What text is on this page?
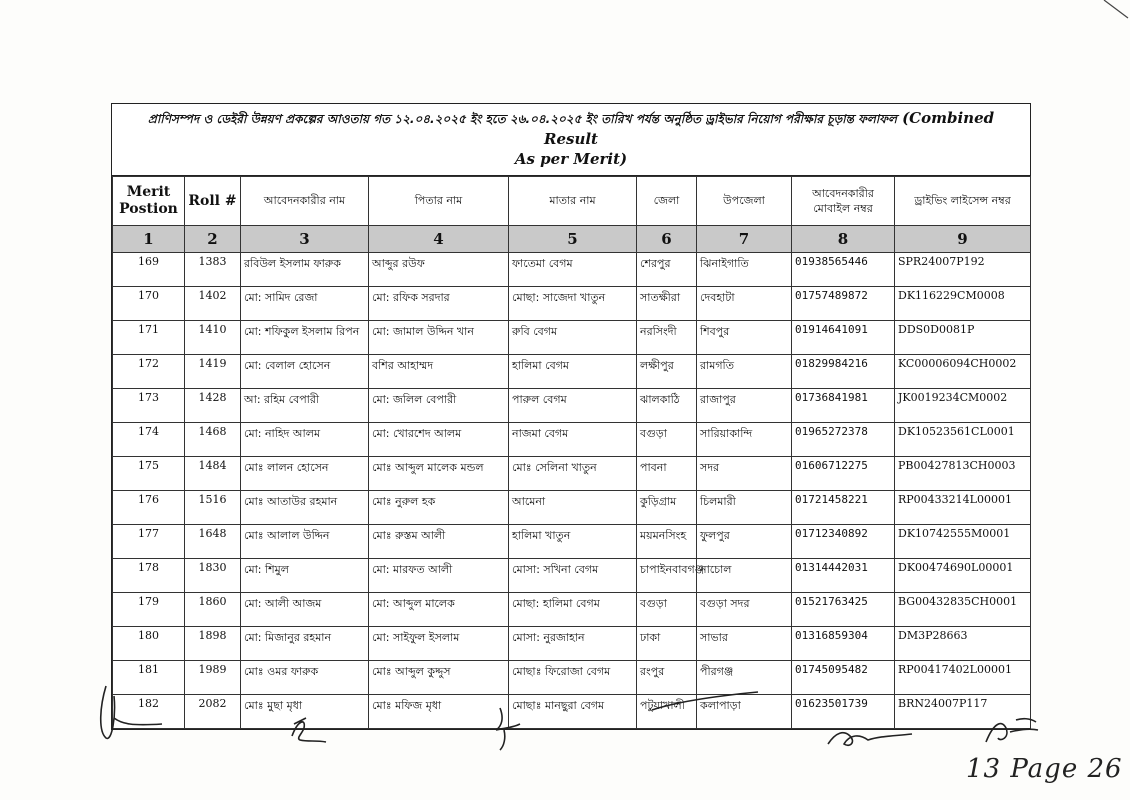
প্রাণিসম্পদ ও ডেইরী উন্নয়ণ প্রকল্পের আওতায় গত ১২.০৪.২০২৫ ইং হতে ২৬.০৪.২০২৫ ইং তারিখ পর্যন্ত অনুষ্ঠিত ড্রাইভার নিয়োগ পরীক্ষার চূড়ান্ত ফলাফল (Combined Result
As per Merit)
Merit Postion	Roll #	আবেদনকারীর নাম	পিতার নাম	মাতার নাম	জেলা	উপজেলা	আবেদনকারীর মোবাইল নম্বর	ড্রাইভিং লাইসেন্স নম্বর
1	2	3	4	5	6	7	8	9
169	1383	রবিউল ইসলাম ফারুক	আব্দুর রউফ	ফাতেমা বেগম	শেরপুর	ঝিনাইগাতি	01938565446	SPR24007P192
170	1402	মো: সামিদ রেজা	মো: রফিক সরদার	মোছা: সাজেদা খাতুন	সাতক্ষীরা	দেবহাটা	01757489872	DK116229CM0008
171	1410	মো: শফিকুল ইসলাম রিপন	মো: জামাল উদ্দিন খান	রুবি বেগম	নরসিংদী	শিবপুর	01914641091	DDS0D0081P
172	1419	মো: বেলাল হোসেন	বশির আহাম্মদ	হালিমা বেগম	লক্ষীপুর	রামগতি	01829984216	KC00006094CH0002
173	1428	আ: রহিম বেপারী	মো: জলিল বেপারী	পারুল বেগম	ঝালকাঠি	রাজাপুর	01736841981	JK0019234CM0002
174	1468	মো: নাহিদ আলম	মো: খোরশেদ আলম	নাজমা বেগম	বগুড়া	সারিয়াকান্দি	01965272378	DK10523561CL0001
175	1484	মোঃ লালন হোসেন	মোঃ আব্দুল মালেক মন্ডল	মোঃ সেলিনা খাতুন	পাবনা	সদর	01606712275	PB00427813CH0003
176	1516	মোঃ আতাউর রহমান	মোঃ নুরুল হক	আমেনা	কুড়িগ্রাম	চিলমারী	01721458221	RP00433214L00001
177	1648	মোঃ আলাল উদ্দিন	মোঃ রুস্তম আলী	হালিমা খাতুন	ময়মনসিংহ	ফুলপুর	01712340892	DK10742555M0001
178	1830	মো: শিমুল	মো: মারফত আলী	মোসা: সখিনা বেগম	চাপাইনবাবগঞ্জ	নাচোল	01314442031	DK00474690L00001
179	1860	মো: আলী আজম	মো: আব্দুল মালেক	মোছা: হালিমা বেগম	বগুড়া	বগুড়া সদর	01521763425	BG00432835CH0001
180	1898	মো: মিজানুর রহমান	মো: সাইফুল ইসলাম	মোসা: নুরজাহান	ঢাকা	সাভার	01316859304	DM3P28663
181	1989	মোঃ ওমর ফারুক	মোঃ আব্দুল কুদ্দুস	মোছাঃ ফিরোজা বেগম	রংপুর	পীরগঞ্জ	01745095482	RP00417402L00001
182	2082	মোঃ মুছা মৃধা	মোঃ মফিজ মৃধা	মোছাঃ মানছুরা বেগম	পটুয়াখালী	কলাপাড়া	01623501739	BRN24007P117
13 Page 26
